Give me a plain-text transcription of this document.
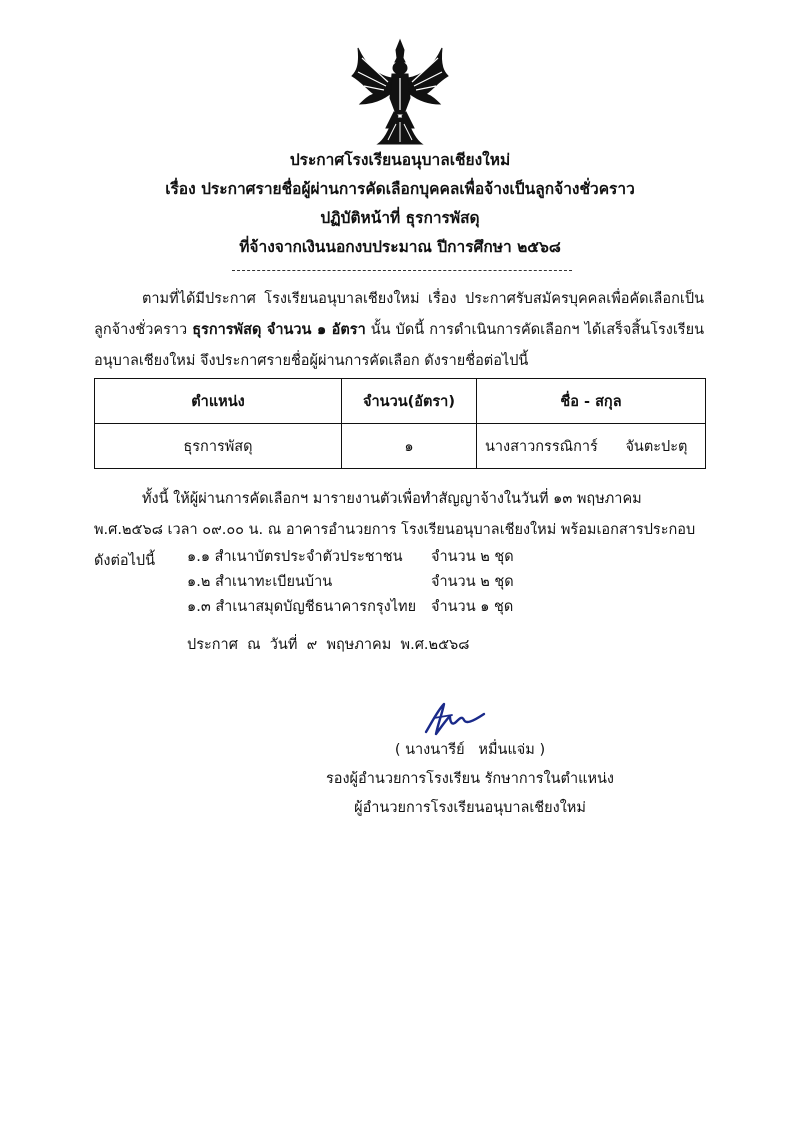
ประกาศโรงเรียนอนุบาลเชียงใหม่
เรื่อง ประกาศรายชื่อผู้ผ่านการคัดเลือกบุคคลเพื่อจ้างเป็นลูกจ้างชั่วคราว
ปฏิบัติหน้าที่ ธุรการพัสดุ
ที่จ้างจากเงินนอกงบประมาณ ปีการศึกษา ๒๕๖๘
ตามที่ได้มีประกาศ โรงเรียนอนุบาลเชียงใหม่ เรื่อง ประกาศรับสมัครบุคคลเพื่อคัดเลือกเป็นลูกจ้างชั่วคราว ธุรการพัสดุ จำนวน ๑ อัตรา นั้น บัดนี้ การดำเนินการคัดเลือกฯ ได้เสร็จสิ้นโรงเรียนอนุบาลเชียงใหม่ จึงประกาศรายชื่อผู้ผ่านการคัดเลือก ดังรายชื่อต่อไปนี้
ตำแหน่ง	จำนวน(อัตรา)	ชื่อ - สกุล
ธุรการพัสดุ	๑	นางสาวกรรณิการ์      จันตะปะตุ
ทั้งนี้ ให้ผู้ผ่านการคัดเลือกฯ มารายงานตัวเพื่อทำสัญญาจ้างในวันที่ ๑๓ พฤษภาคม พ.ศ.๒๕๖๘ เวลา ๐๙.๐๐ น. ณ อาคารอำนวยการ โรงเรียนอนุบาลเชียงใหม่ พร้อมเอกสารประกอบ ดังต่อไปนี้	๑.๑ สำเนาบัตรประจำตัวประชาชน	จำนวน ๒ ชุด
๑.๒ สำเนาทะเบียนบ้าน	จำนวน ๒ ชุด
๑.๓ สำเนาสมุดบัญชีธนาคารกรุงไทย	จำนวน ๑ ชุด
ประกาศ  ณ  วันที่  ๙  พฤษภาคม  พ.ศ.๒๕๖๘
( นางนารีย์   หมื่นแจ่ม )
รองผู้อำนวยการโรงเรียน รักษาการในตำแหน่ง
ผู้อำนวยการโรงเรียนอนุบาลเชียงใหม่
